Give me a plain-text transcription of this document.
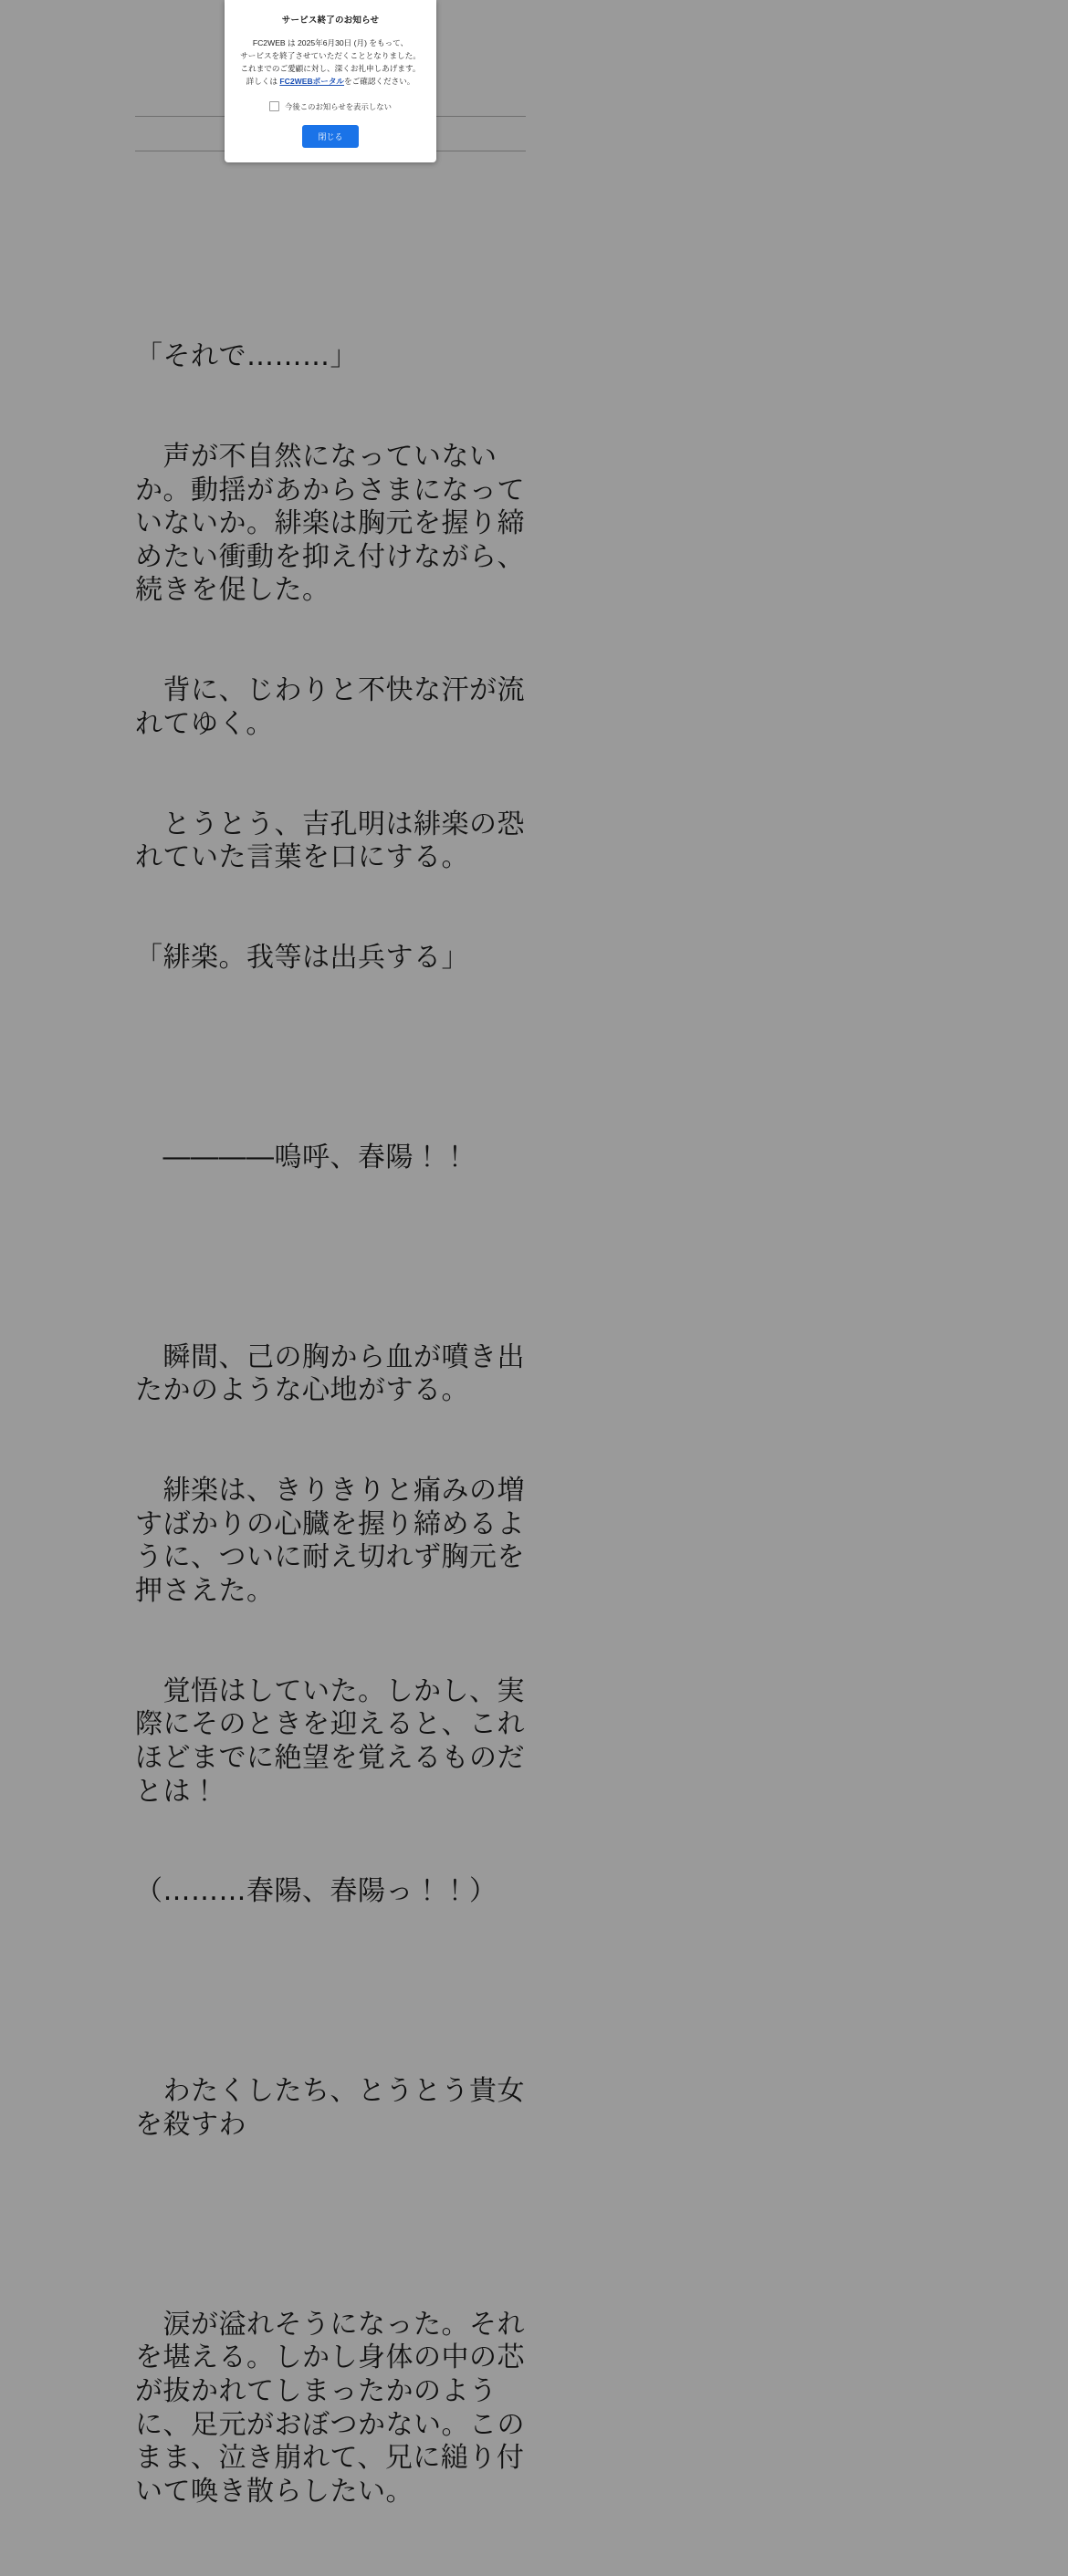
「それで………」

　声が不自然になっていないか。動揺があからさまになっていないか。緋楽は胸元を握り締めたい衝動を抑え付けながら、続きを促した。

　背に、じわりと不快な汗が流れてゆく。

　とうとう、吉孔明は緋楽の恐れていた言葉を口にする。

「緋楽。我等は出兵する」

　――――嗚呼、春陽！！

　瞬間、己の胸から血が噴き出たかのような心地がする。

　緋楽は、きりきりと痛みの増すばかりの心臓を握り締めるように、ついに耐え切れず胸元を押さえた。

　覚悟はしていた。しかし、実際にそのときを迎えると、これほどまでに絶望を覚えるものだとは！

（………春陽、春陽っ！！）

　わたくしたち、とうとう貴女を殺すわ

　涙が溢れそうになった。それを堪える。しかし身体の中の芯が抜かれてしまったかのように、足元がおぼつかない。このまま、泣き崩れて、兄に縋り付いて喚き散らしたい。

サービス終了のお知らせ
FC2WEB は 2025年6月30日 (月) をもって、
サービスを終了させていただくこととなりました。
これまでのご愛顧に対し、深くお礼申しあげます。
詳しくは FC2WEBポータルをご確認ください。
今後このお知らせを表示しない
閉じる
